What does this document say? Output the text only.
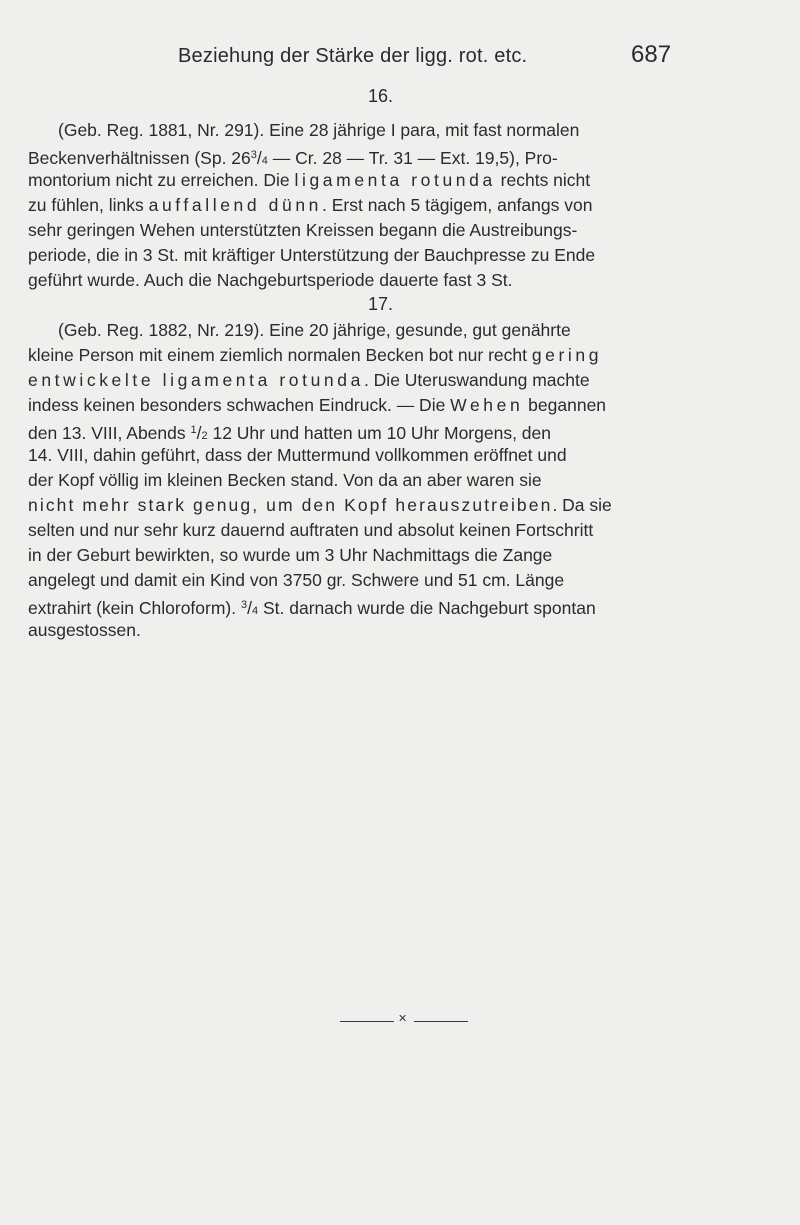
Beziehung der Stärke der ligg. rot. etc.	687
16.
(Geb. Reg. 1881, Nr. 291). Eine 28 jährige I para, mit fast normalen
Beckenverhältnissen (Sp. $26^3/4$ — Cr. 28 — Tr. 31 — Ext. 19,5), Pro-
montorium nicht zu erreichen. Die ligamenta rotunda rechts nicht
zu fühlen, links auffallend dünn. Erst nach 5 tägigem, anfangs von
sehr geringen Wehen unterstützten Kreissen begann die Austreibungs-
periode, die in 3 St. mit kräftiger Unterstützung der Bauchpresse zu Ende
geführt wurde. Auch die Nachgeburtsperiode dauerte fast 3 St.
17.
(Geb. Reg. 1882, Nr. 219). Eine 20 jährige, gesunde, gut genährte
kleine Person mit einem ziemlich normalen Becken bot nur recht gering
entwickelte ligamenta rotunda. Die Uteruswandung machte
indess keinen besonders schwachen Eindruck. — Die Wehen begannen
den 13. VIII, Abends $^1$/2 12 Uhr und hatten um 10 Uhr Morgens, den
14. VIII, dahin geführt, dass der Muttermund vollkommen eröffnet und
der Kopf völlig im kleinen Becken stand. Von da an aber waren sie
nicht mehr stark genug, um den Kopf herauszutreiben. Da sie
selten und nur sehr kurz dauernd auftraten und absolut keinen Fortschritt
in der Geburt bewirkten, so wurde um 3 Uhr Nachmittags die Zange
angelegt und damit ein Kind von 3750 gr. Schwere und 51 cm. Länge
extrahirt (kein Chloroform). $^3$/4 St. darnach wurde die Nachgeburt spontan
ausgestossen.
✕
